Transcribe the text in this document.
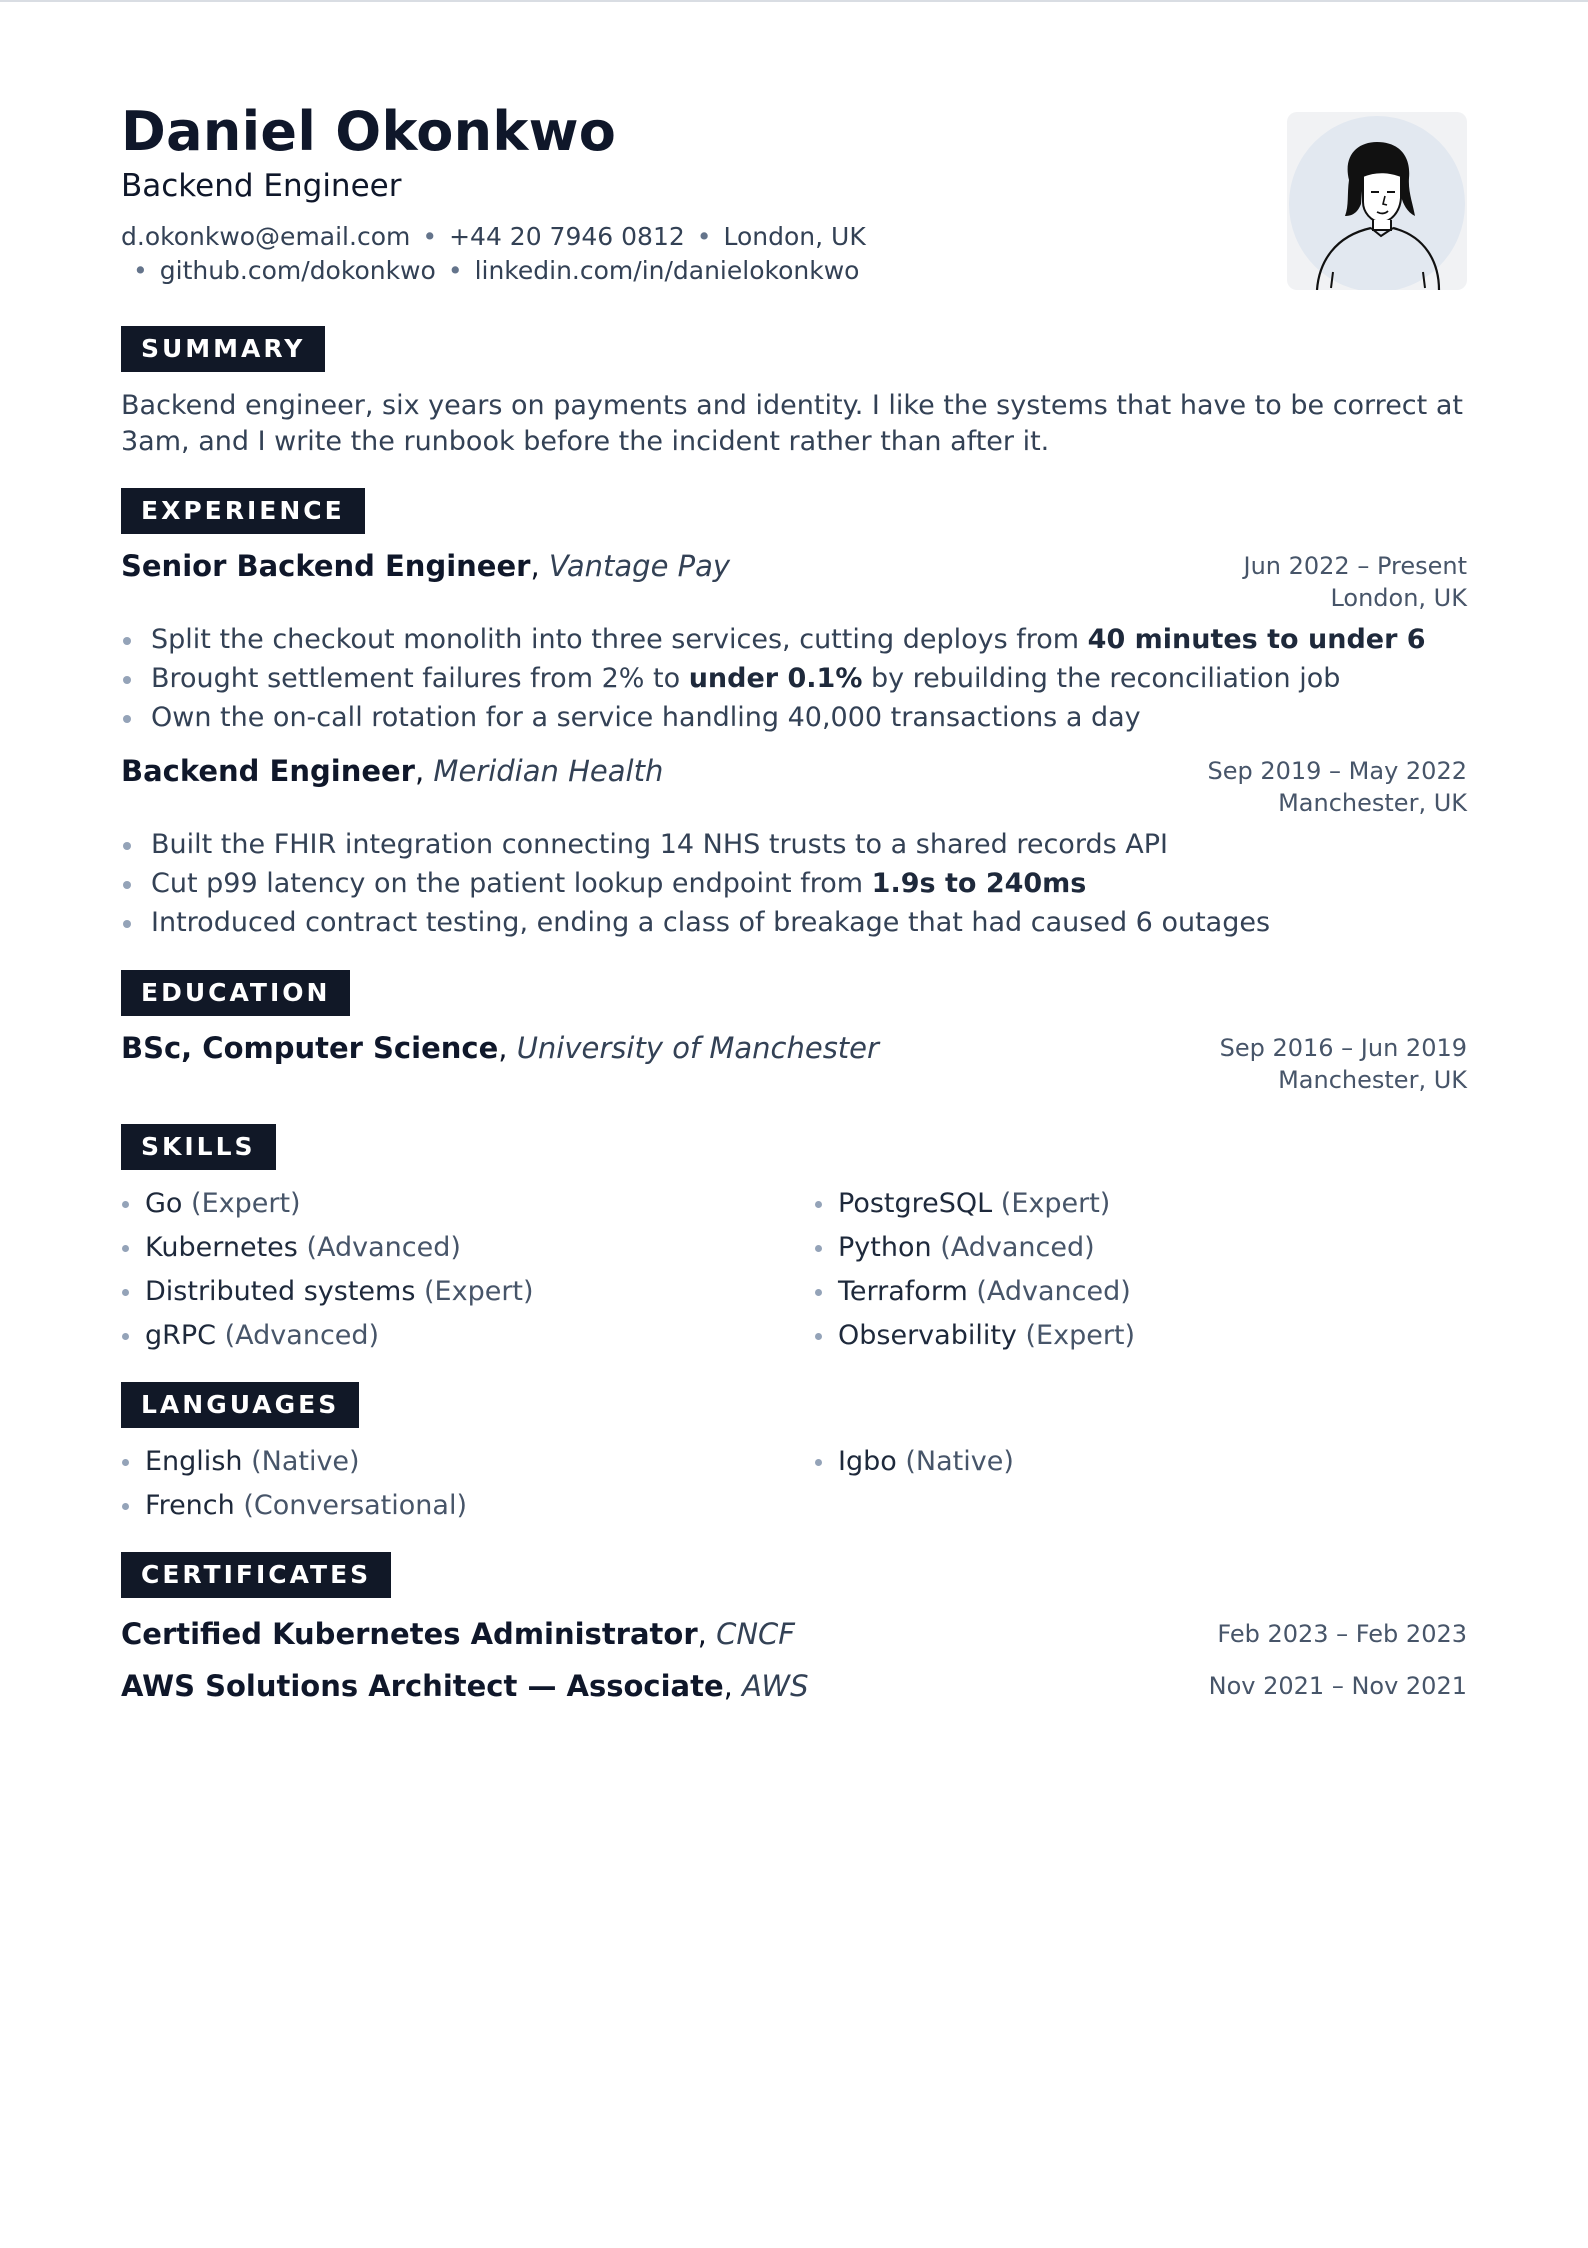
Daniel Okonkwo
Backend Engineer
d.okonkwo@email.com • +44 20 7946 0812 • London, UK• github.com/dokonkwo • linkedin.com/in/danielokonkwo
SUMMARY
Backend engineer, six years on payments and identity. I like the systems that have to be correct at 3am, and I write the runbook before the incident rather than after it.
EXPERIENCE
Senior Backend Engineer, Vantage Pay	Jun 2022 – Present
London, UK
Split the checkout monolith into three services, cutting deploys from 40 minutes to under 6
Brought settlement failures from 2% to under 0.1% by rebuilding the reconciliation job
Own the on-call rotation for a service handling 40,000 transactions a day
Backend Engineer, Meridian Health	Sep 2019 – May 2022
Manchester, UK
Built the FHIR integration connecting 14 NHS trusts to a shared records API
Cut p99 latency on the patient lookup endpoint from 1.9s to 240ms
Introduced contract testing, ending a class of breakage that had caused 6 outages
EDUCATION
BSc, Computer Science, University of Manchester	Sep 2016 – Jun 2019
Manchester, UK
SKILLS
Go (Expert)	PostgreSQL (Expert)
Kubernetes (Advanced)	Python (Advanced)
Distributed systems (Expert)	Terraform (Advanced)
gRPC (Advanced)	Observability (Expert)
LANGUAGES
English (Native)	Igbo (Native)
French (Conversational)
CERTIFICATES
Certified Kubernetes Administrator, CNCF	Feb 2023 – Feb 2023
AWS Solutions Architect — Associate, AWS	Nov 2021 – Nov 2021
